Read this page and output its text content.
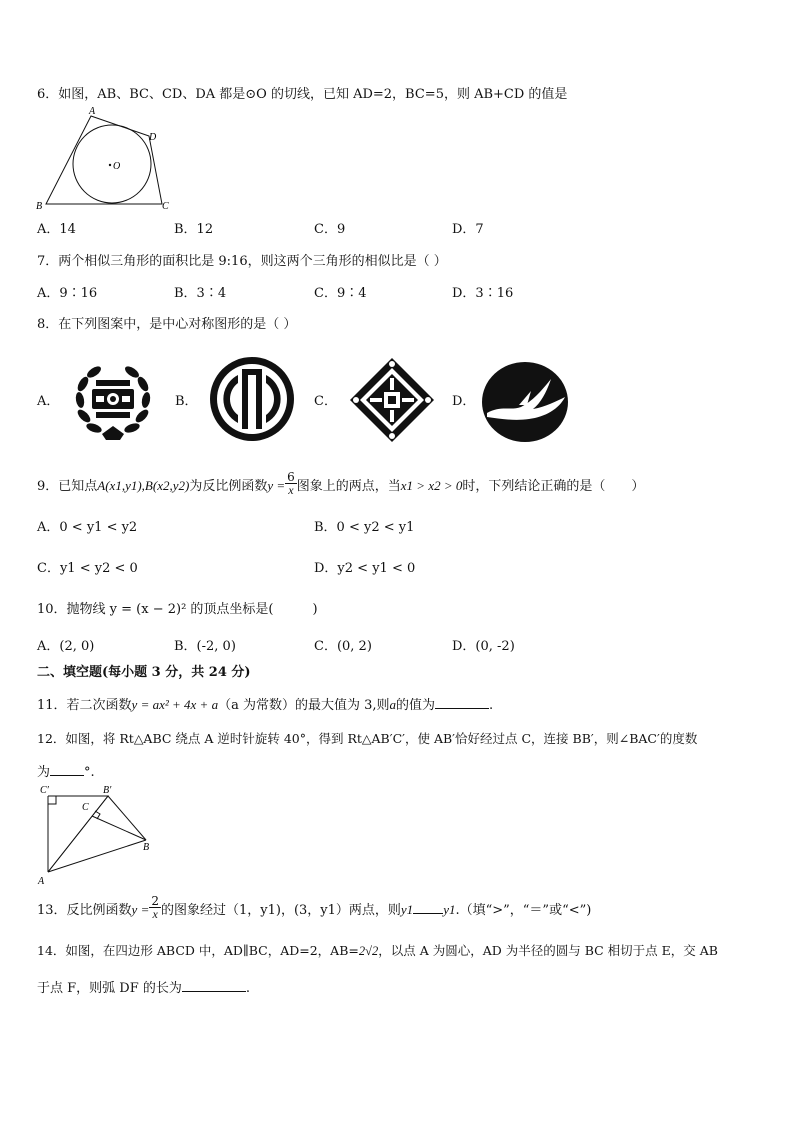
6．如图，AB、BC、CD、DA 都是⊙O 的切线，已知 AD=2，BC=5，则 AB+CD 的值是
A
D
O
B	C
A．14	B．12	C．9	D．7
7．两个相似三角形的面积比是 9:16，则这两个三角形的相似比是（ ）
A．9∶16	B．3∶4	C．9∶4	D．3∶16
8．在下列图案中，是中心对称图形的是（ ）
A．	B．	C．	D．
9．已知点A(x1,y1),B(x2,y2)为反比例函数$y = \frac{6}{x}$ 图象上的两点，当x1 > x2 > 0时，下列结论正确的是（　　）
A．0 < y1 < y2	B．0 < y2 < y1
C．y1 < y2 < 0	D．y2 < y1 < 0
10．抛物线 y = (x − 2)² 的顶点坐标是(　　　)
A．(2, 0)	B．(-2, 0)	C．(0, 2)	D．(0, -2)
二、填空题(每小题 3 分，共 24 分)
11．若二次函数y = ax² + 4x + a（a 为常数）的最大值为 3,则a的值为	.
12．如图，将 Rt△ABC 绕点 A 逆时针旋转 40°，得到 Rt△AB′C′，使 AB′恰好经过点 C，连接 BB′，则∠BAC′的度数
为	°.
C′	B′
C
B
A
13．反比例函数$y = \frac{2}{x}$ 的图象经过（1，y1)，(3，y1）两点，则y1 y1.（填“>”，“＝”或“<”)
14．如图，在四边形 ABCD 中，AD∥BC，AD=2，AB=2√2，以点 A 为圆心，AD 为半径的圆与 BC 相切于点 E，交 AB
于点 F，则弧 DF 的长为	.
